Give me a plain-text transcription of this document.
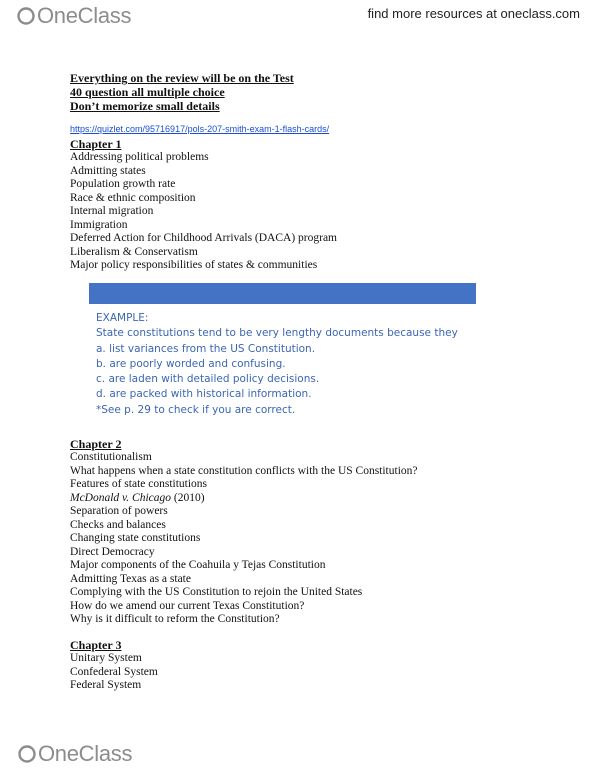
OneClass	find more resources at oneclass.com
Everything on the review will be on the Test
40 question all multiple choice
Don’t memorize small details
https://quizlet.com/95716917/pols-207-smith-exam-1-flash-cards/
Chapter 1
Addressing political problems
Admitting states
Population growth rate
Race & ethnic composition
Internal migration
Immigration
Deferred Action for Childhood Arrivals (DACA) program
Liberalism & Conservatism
Major policy responsibilities of states & communities
EXAMPLE:
State constitutions tend to be very lengthy documents because they
a. list variances from the US Constitution.
b. are poorly worded and confusing.
c. are laden with detailed policy decisions.
d. are packed with historical information.
*See p. 29 to check if you are correct.
Chapter 2
Constitutionalism
What happens when a state constitution conflicts with the US Constitution?
Features of state constitutions
McDonald v. Chicago (2010)
Separation of powers
Checks and balances
Changing state constitutions
Direct Democracy
Major components of the Coahuila y Tejas Constitution
Admitting Texas as a state
Complying with the US Constitution to rejoin the United States
How do we amend our current Texas Constitution?
Why is it difficult to reform the Constitution?
Chapter 3
Unitary System
Confederal System
Federal System
OneClass
